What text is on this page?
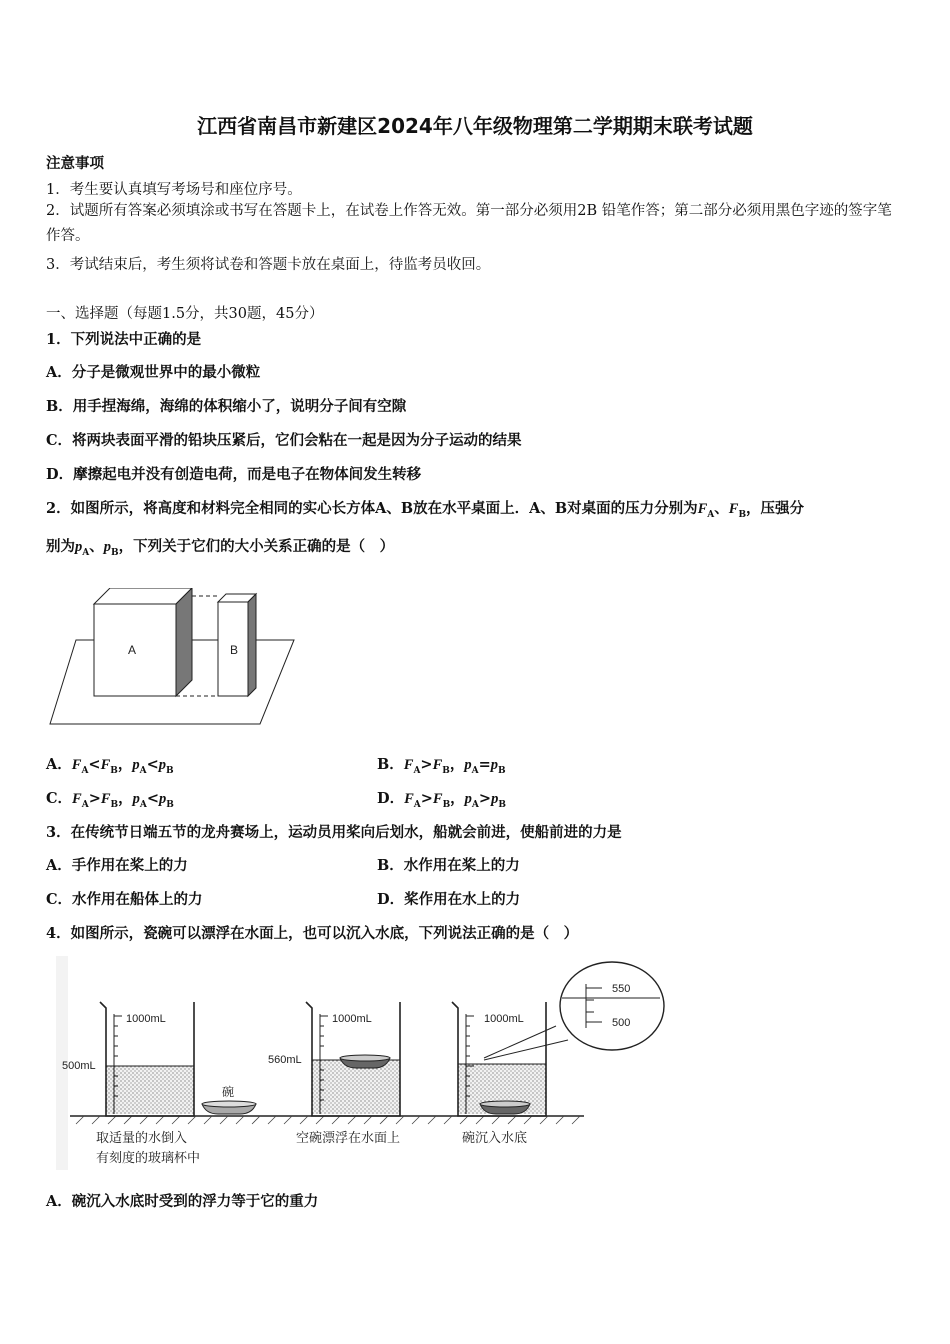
江西省南昌市新建区2024年八年级物理第二学期期末联考试题
注意事项
1．考生要认真填写考场号和座位序号。
2．试题所有答案必须填涂或书写在答题卡上，在试卷上作答无效。第一部分必须用2B 铅笔作答；第二部分必须用黑色字迹的签字笔作答。
3．考试结束后，考生须将试卷和答题卡放在桌面上，待监考员收回。
一、选择题（每题1.5分，共30题，45分）
1．下列说法中正确的是
A．分子是微观世界中的最小微粒
B．用手捏海绵，海绵的体积缩小了，说明分子间有空隙
C．将两块表面平滑的铅块压紧后，它们会粘在一起是因为分子运动的结果
D．摩擦起电并没有创造电荷，而是电子在物体间发生转移
2．如图所示，将高度和材料完全相同的实心长方体A、B放在水平桌面上．A、B对桌面的压力分别为$F_A$、$F_B$，压强分
别为$p_A$、$p_B$，下列关于它们的大小关系正确的是（　）
A	B
A．$F_A<F_B$，$p_A<p_B$	B．$F_A>F_B$，$p_A=p_B$
C．$F_A>F_B$，$p_A<p_B$	D．$F_A>F_B$，$p_A>p_B$
3．在传统节日端五节的龙舟赛场上，运动员用桨向后划水，船就会前进，使船前进的力是
A．手作用在桨上的力	B．水作用在桨上的力
C．水作用在船体上的力	D．桨作用在水上的力
4．如图所示，瓷碗可以漂浮在水面上，也可以沉入水底，下列说法正确的是（　）
1000mL
500mL
碗
1000mL
560mL
1000mL
550
500
取适量的水倒入
有刻度的玻璃杯中
空碗漂浮在水面上	碗沉入水底
A．碗沉入水底时受到的浮力等于它的重力
